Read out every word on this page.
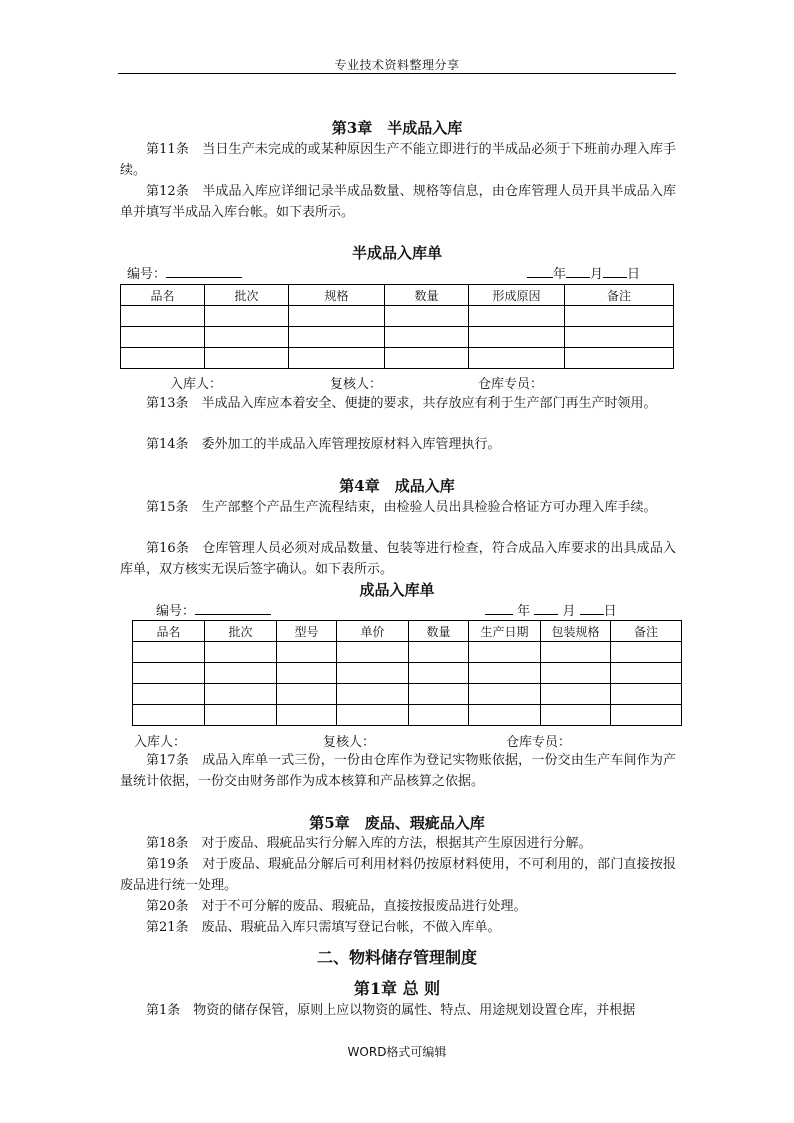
专业技术资料整理分享
第3章　半成品入库
第11条　当日生产未完成的或某种原因生产不能立即进行的半成品必须于下班前办理入库手续。
第12条　半成品入库应详细记录半成品数量、规格等信息，由仓库管理人员开具半成品入库单并填写半成品入库台帐。如下表所示。
半成品入库单
编号：	年 月 日
品名	批次	规格	数量	形成原因	备注

入库人：	复核人：	仓库专员：
第13条　半成品入库应本着安全、便捷的要求，共存放应有利于生产部门再生产时领用。
第14条　委外加工的半成品入库管理按原材料入库管理执行。
第4章　成品入库
第15条　生产部整个产品生产流程结束，由检验人员出具检验合格证方可办理入库手续。
第16条　仓库管理人员必须对成品数量、包装等进行检查，符合成品入库要求的出具成品入库单，双方核实无误后签字确认。如下表所示。
成品入库单
编号：	年 月 日
品名	批次	型号	单价	数量	生产日期	包装规格	备注

入库人：	复核人：	仓库专员：
第17条　成品入库单一式三份，一份由仓库作为登记实物账依据，一份交由生产车间作为产量统计依据，一份交由财务部作为成本核算和产品核算之依据。
第5章　废品、瑕疵品入库
第18条　对于废品、瑕疵品实行分解入库的方法，根据其产生原因进行分解。
第19条　对于废品、瑕疵品分解后可利用材料仍按原材料使用，不可利用的，部门直接按报废品进行统一处理。
第20条　对于不可分解的废品、瑕疵品，直接按报废品进行处理。
第21条　废品、瑕疵品入库只需填写登记台帐，不做入库单。
二、物料储存管理制度
第1章 总 则
第1条　物资的储存保管，原则上应以物资的属性、特点、用途规划设置仓库，并根据
WORD格式可编辑
